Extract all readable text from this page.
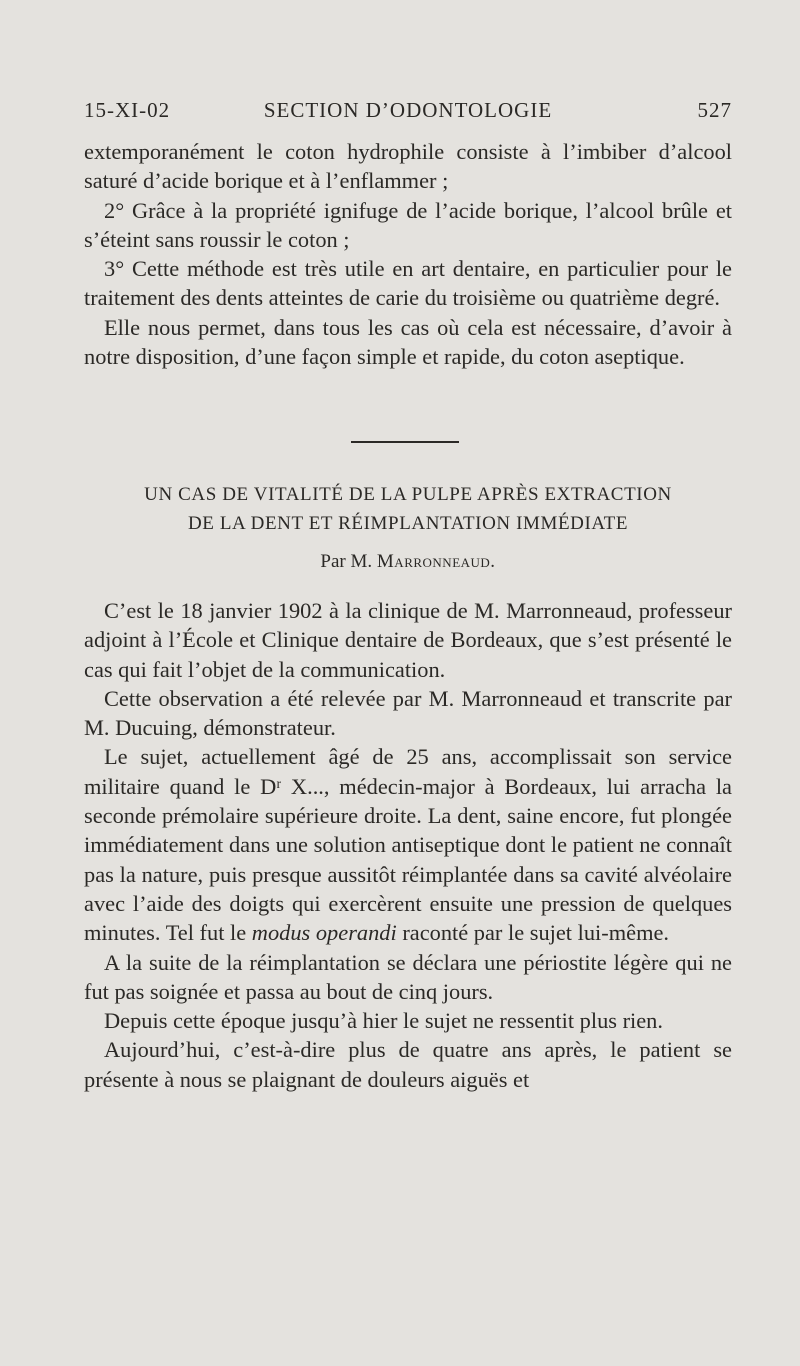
15-XI-02	SECTION D’ODONTOLOGIE	527

extemporanément le coton hydrophile consiste à l’imbiber d’alcool saturé d’acide borique et à l’enflammer ;

2° Grâce à la propriété ignifuge de l’acide borique, l’alcool brûle et s’éteint sans roussir le coton ;

3° Cette méthode est très utile en art dentaire, en particulier pour le traitement des dents atteintes de carie du troisième ou quatrième degré.

Elle nous permet, dans tous les cas où cela est nécessaire, d’avoir à notre disposition, d’une façon simple et rapide, du coton aseptique.

UN CAS DE VITALITÉ DE LA PULPE APRÈS EXTRACTION
DE LA DENT ET RÉIMPLANTATION IMMÉDIATE
Par M. Marronneaud.

C’est le 18 janvier 1902 à la clinique de M. Marronneaud, professeur adjoint à l’École et Clinique dentaire de Bordeaux, que s’est présenté le cas qui fait l’objet de la communication.

Cette observation a été relevée par M. Marronneaud et transcrite par M. Ducuing, démonstrateur.

Le sujet, actuellement âgé de 25 ans, accomplissait son service militaire quand le Dʳ X..., médecin-major à Bordeaux, lui arracha la seconde prémolaire supérieure droite. La dent, saine encore, fut plongée immédiatement dans une solution antiseptique dont le patient ne connaît pas la nature, puis presque aussitôt réimplantée dans sa cavité alvéolaire avec l’aide des doigts qui exercèrent ensuite une pression de quelques minutes. Tel fut le modus operandi raconté par le sujet lui-même.

A la suite de la réimplantation se déclara une périostite légère qui ne fut pas soignée et passa au bout de cinq jours.

Depuis cette époque jusqu’à hier le sujet ne ressentit plus rien.

Aujourd’hui, c’est-à-dire plus de quatre ans après, le patient se présente à nous se plaignant de douleurs aiguës et
